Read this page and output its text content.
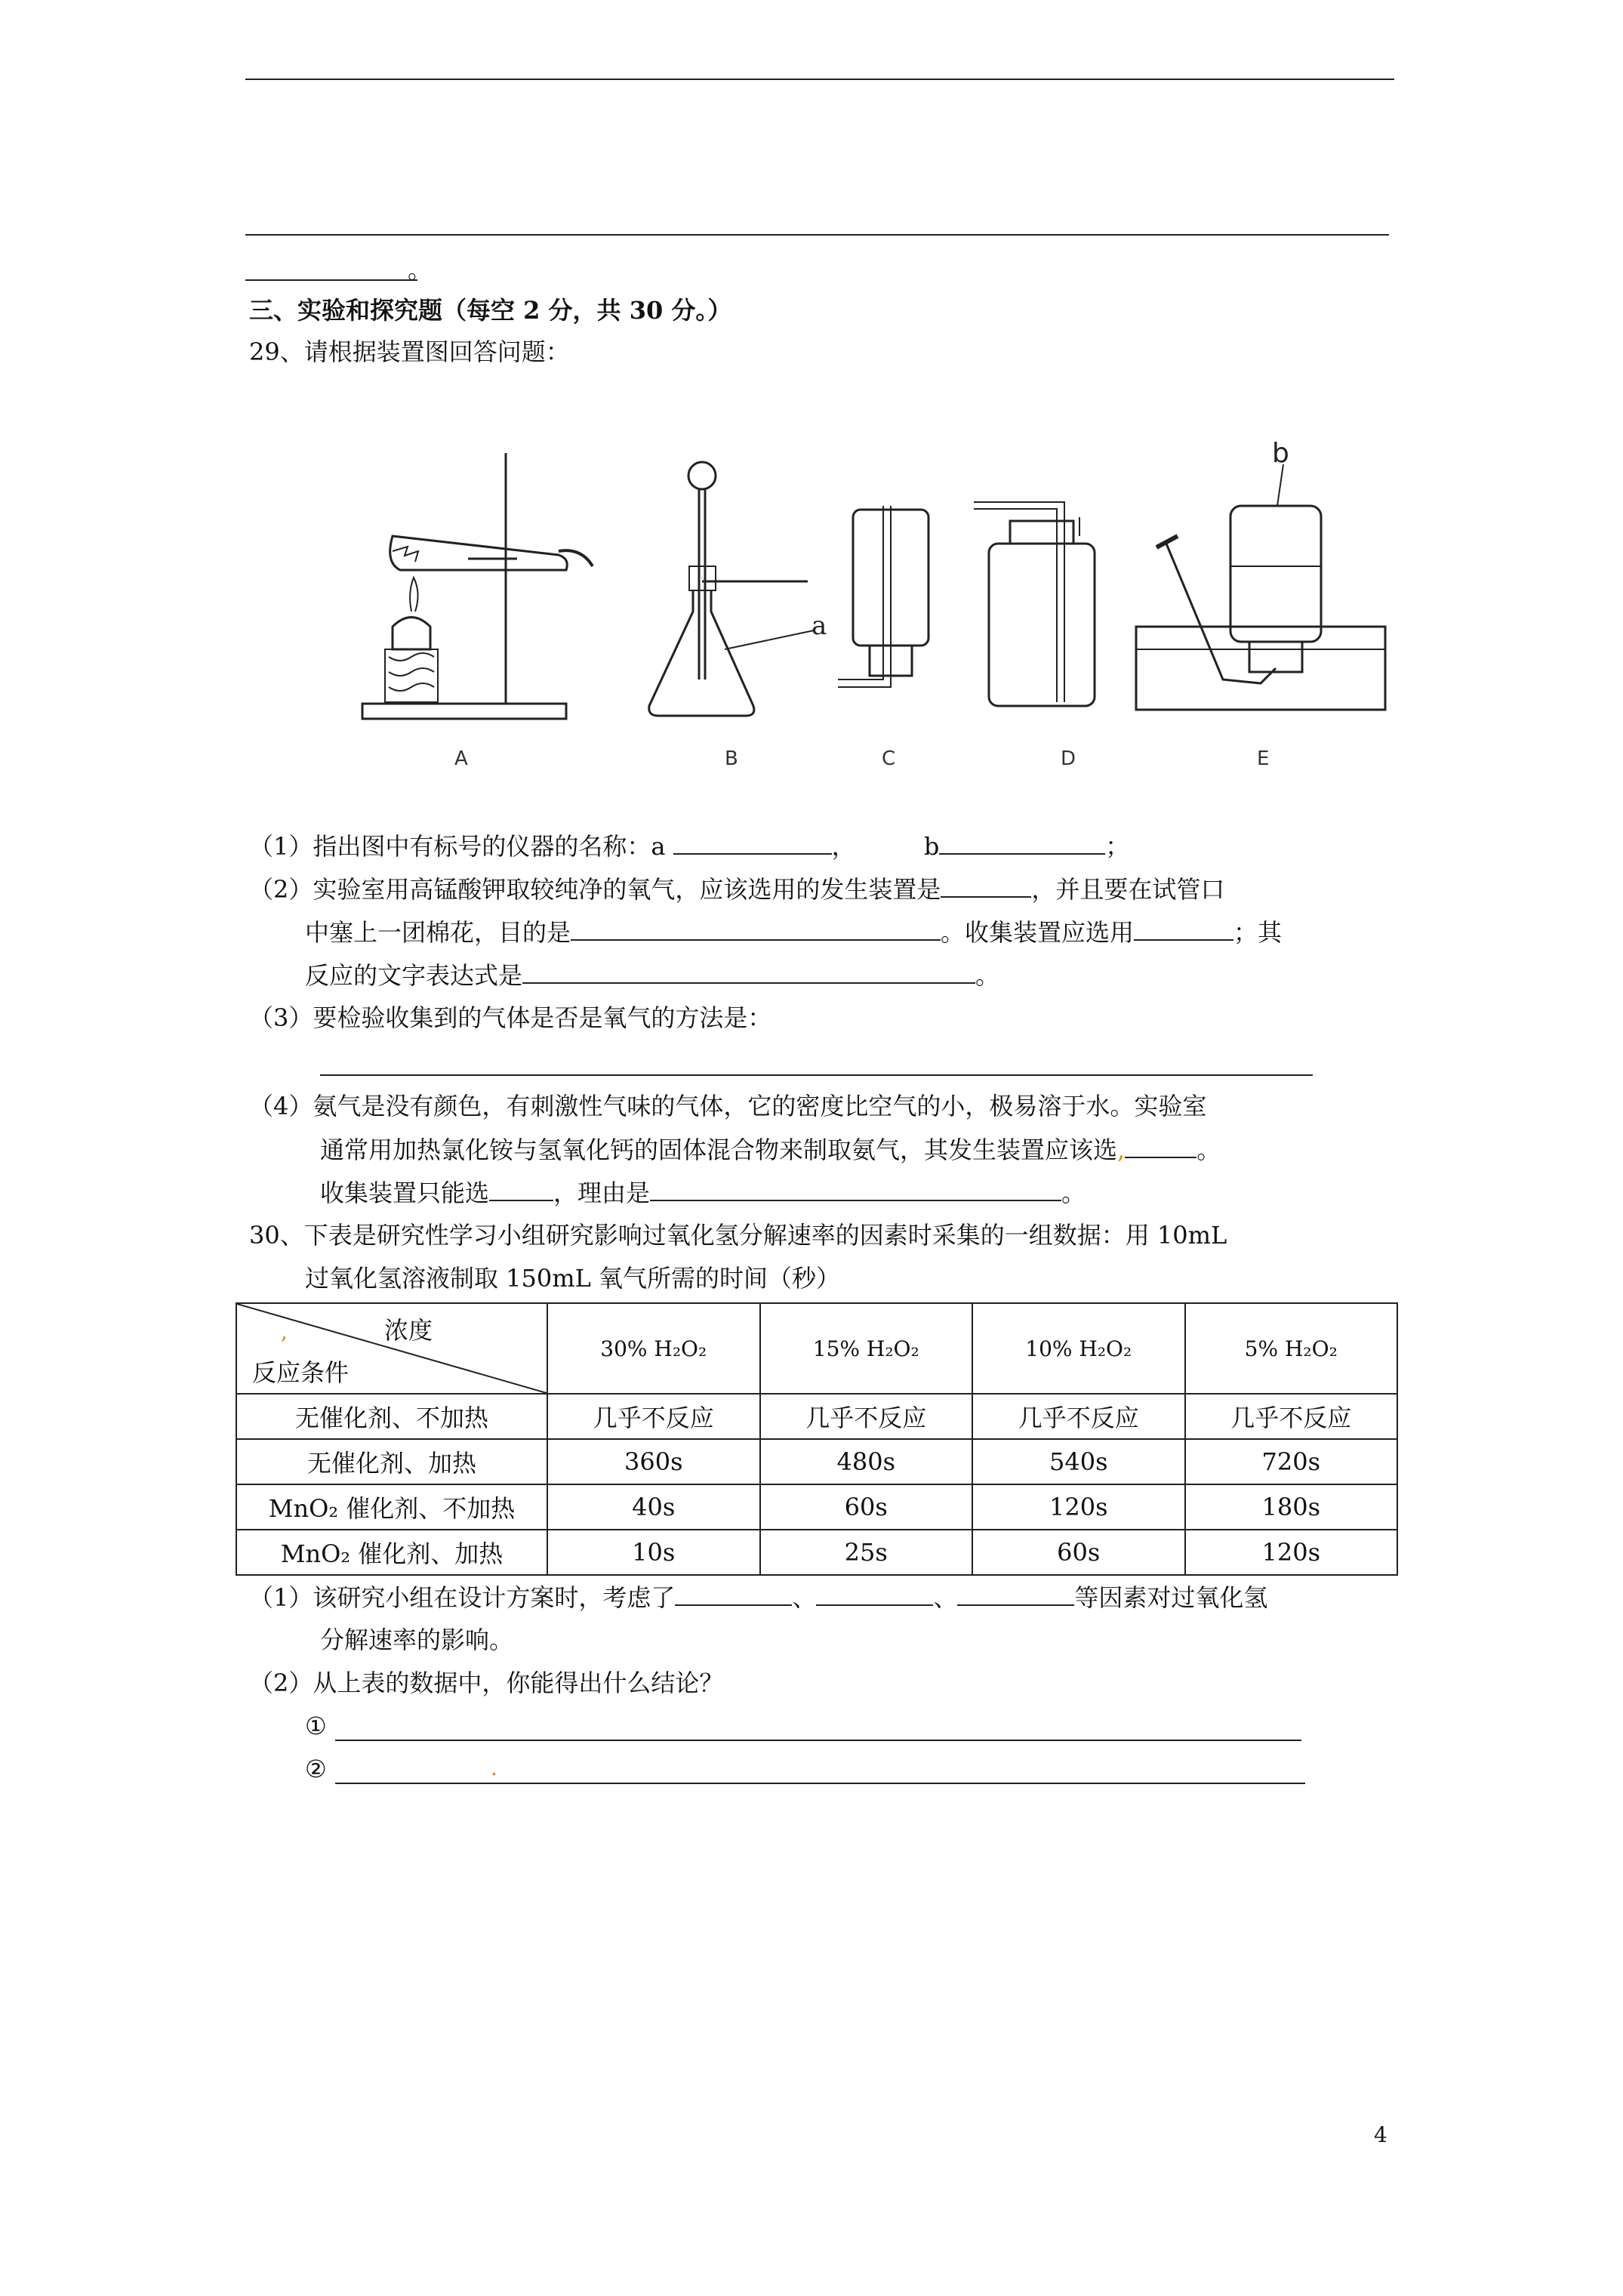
。
三、实验和探究题（每空 2 分，共 30 分。）
29、请根据装置图回答问题：
a
b
A	B	C	D	E
（1）指出图中有标号的仪器的名称：a	，	b	；
（2）实验室用高锰酸钾取较纯净的氧气，应该选用的发生装置是	，并且要在试管口
中塞上一团棉花，目的是	。收集装置应选用	；其
反应的文字表达式是	。
（3）要检验收集到的气体是否是氧气的方法是：
（4）氨气是没有颜色，有刺激性气味的气体，它的密度比空气的小，极易溶于水。实验室
通常用加热氯化铵与氢氧化钙的固体混合物来制取氨气，其发生装置应该选,	。
收集装置只能选	，理由是	。
30、下表是研究性学习小组研究影响过氧化氢分解速率的因素时采集的一组数据：用 10mL
过氧化氢溶液制取 150mL 氧气所需的时间（秒）
浓度
,
反应条件	30% H₂O₂	15% H₂O₂	10% H₂O₂	5% H₂O₂
无催化剂、不加热	几乎不反应	几乎不反应	几乎不反应	几乎不反应
无催化剂、加热	360s	480s	540s	720s
MnO₂ 催化剂、不加热	40s	60s	120s	180s
MnO₂ 催化剂、加热	10s	25s	60s	120s
（1）该研究小组在设计方案时，考虑了	、	、	等因素对过氧化氢
分解速率的影响。
（2）从上表的数据中，你能得出什么结论？
①
②	.
4
